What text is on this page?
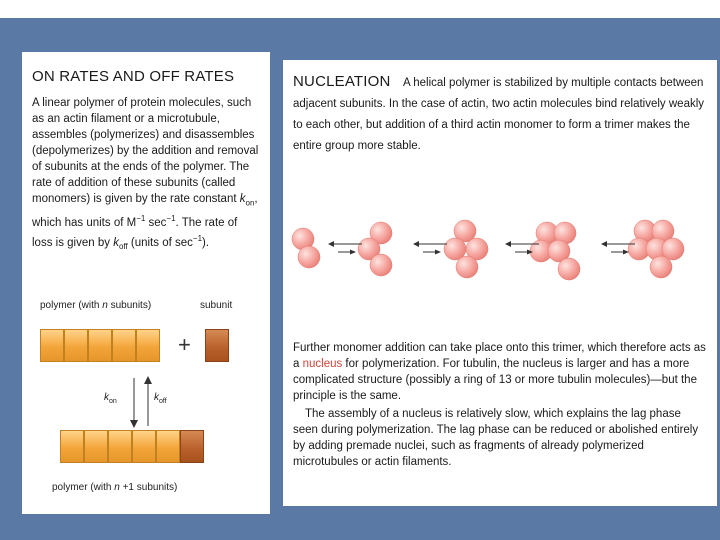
ON RATES AND OFF RATES

A linear polymer of protein molecules, such as an actin filament or a microtubule, assembles (polymerizes) and disassembles (depolymerizes) by the addition and removal of subunits at the ends of the polymer. The rate of addition of these subunits (called monomers) is given by the rate constant $k_{on}$, which has units of $M^{-1}$ $\sec^{-1}$. The rate of loss is given by $k_{off}$ (units of $\sec^{-1}$).

polymer (with n subunits)	subunit
+
$k_{on}$	$k_{off}$
polymer (with n +1 subunits)
NUCLEATION A helical polymer is stabilized by multiple contacts between adjacent subunits. In the case of actin, two actin molecules bind relatively weakly to each other, but addition of a third actin monomer to form a trimer makes the entire group more stable.

Further monomer addition can take place onto this trimer, which therefore acts as a nucleus for polymerization. For tubulin, the nucleus is larger and has a more complicated structure (possibly a ring of 13 or more tubulin molecules)—but the principle is the same.

The assembly of a nucleus is relatively slow, which explains the lag phase seen during polymerization. The lag phase can be reduced or abolished entirely by adding premade nuclei, such as fragments of already polymerized microtubules or actin filaments.
